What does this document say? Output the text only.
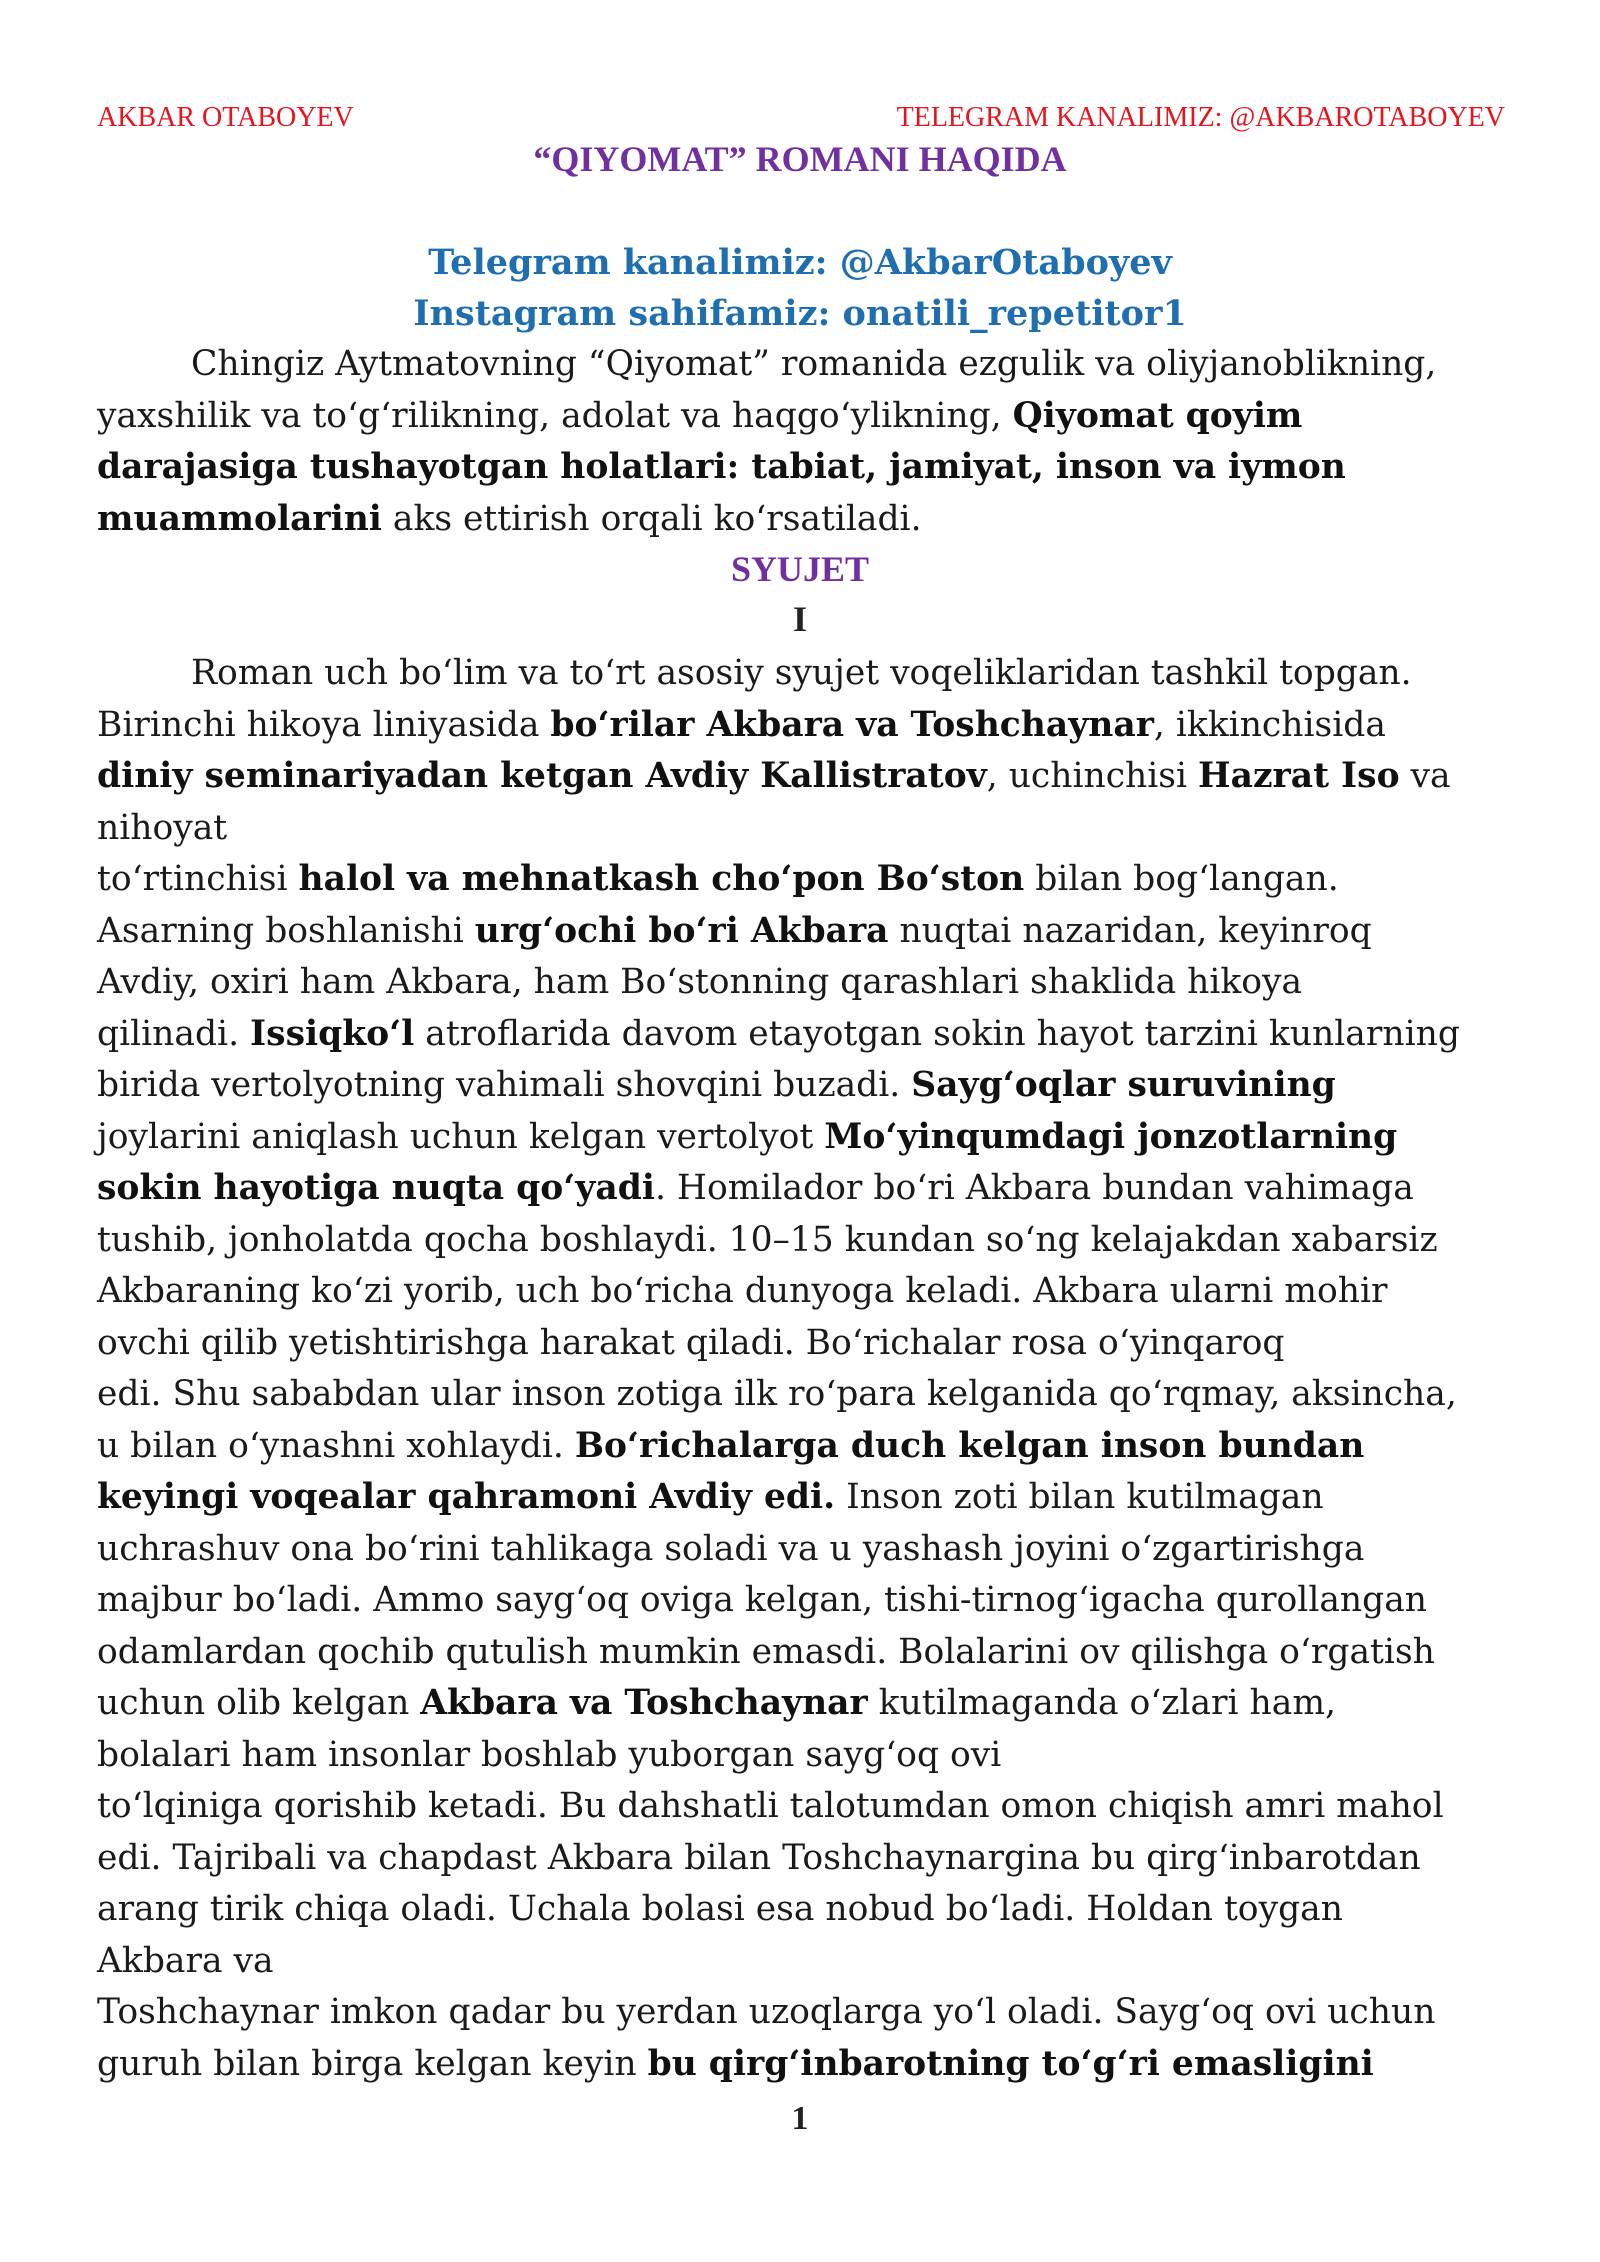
AKBAR OTABOYEV	TELEGRAM KANALIMIZ: @AKBAROTABOYEV
“QIYOMAT” ROMANI HAQIDA
Telegram kanalimiz: @AkbarOtaboyev
Instagram sahifamiz: onatili_repetitor1
Chingiz Aytmatovning “Qiyomat” romanida ezgulik va oliyjanoblikning,
yaxshilik va to‘g‘rilikning, adolat va haqgo‘ylikning, Qiyomat qoyim
darajasiga tushayotgan holatlari: tabiat, jamiyat, inson va iymon
muammolarini aks ettirish orqali ko‘rsatiladi.
SYUJET
I
Roman uch bo‘lim va to‘rt asosiy syujet voqeliklaridan tashkil topgan.
Birinchi hikoya liniyasida bo‘rilar Akbara va Toshchaynar, ikkinchisida
diniy seminariyadan ketgan Avdiy Kallistratov, uchinchisi Hazrat Iso va
nihoyat
to‘rtinchisi halol va mehnatkash cho‘pon Bo‘ston bilan bog‘langan.
Asarning boshlanishi urg‘ochi bo‘ri Akbara nuqtai nazaridan, keyinroq
Avdiy, oxiri ham Akbara, ham Bo‘stonning qarashlari shaklida hikoya
qilinadi. Issiqko‘l atroflarida davom etayotgan sokin hayot tarzini kunlarning
birida vertolyotning vahimali shovqini buzadi. Sayg‘oqlar suruvining
joylarini aniqlash uchun kelgan vertolyot Mo‘yinqumdagi jonzotlarning
sokin hayotiga nuqta qo‘yadi. Homilador bo‘ri Akbara bundan vahimaga
tushib, jonholatda qocha boshlaydi. 10–15 kundan so‘ng kelajakdan xabarsiz
Akbaraning ko‘zi yorib, uch bo‘richa dunyoga keladi. Akbara ularni mohir
ovchi qilib yetishtirishga harakat qiladi. Bo‘richalar rosa o‘yinqaroq
edi. Shu sababdan ular inson zotiga ilk ro‘para kelganida qo‘rqmay, aksincha,
u bilan o‘ynashni xohlaydi. Bo‘richalarga duch kelgan inson bundan
keyingi voqealar qahramoni Avdiy edi. Inson zoti bilan kutilmagan
uchrashuv ona bo‘rini tahlikaga soladi va u yashash joyini o‘zgartirishga
majbur bo‘ladi. Ammo sayg‘oq oviga kelgan, tishi-tirnog‘igacha qurollangan
odamlardan qochib qutulish mumkin emasdi. Bolalarini ov qilishga o‘rgatish
uchun olib kelgan Akbara va Toshchaynar kutilmaganda o‘zlari ham,
bolalari ham insonlar boshlab yuborgan sayg‘oq ovi
to‘lqiniga qorishib ketadi. Bu dahshatli talotumdan omon chiqish amri mahol
edi. Tajribali va chapdast Akbara bilan Toshchaynargina bu qirg‘inbarotdan
arang tirik chiqa oladi. Uchala bolasi esa nobud bo‘ladi. Holdan toygan
Akbara va
Toshchaynar imkon qadar bu yerdan uzoqlarga yo‘l oladi. Sayg‘oq ovi uchun
guruh bilan birga kelgan keyin bu qirg‘inbarotning to‘g‘ri emasligini
1
